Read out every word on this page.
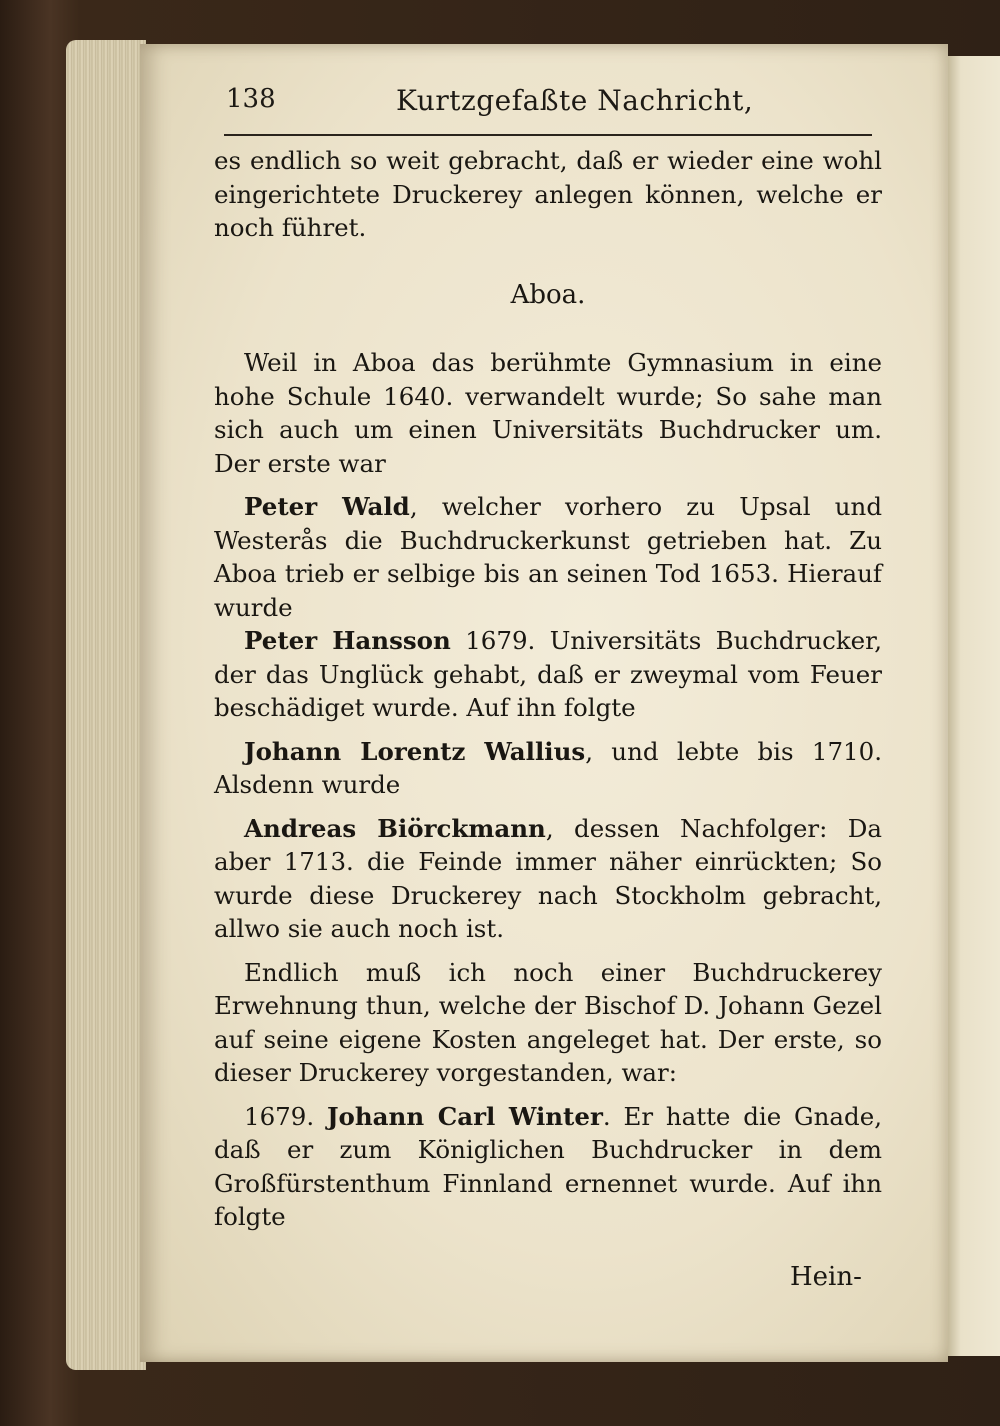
138	Kurtzgefaßte Nachricht,

es endlich so weit gebracht, daß er wieder eine wohl eingerichtete Druckerey anlegen können, welche er noch führet.

Aboa.

Weil in Aboa das berühmte Gymnasium in eine hohe Schule 1640. verwandelt wurde; So sahe man sich auch um einen Universitäts Buchdrucker um. Der erste war

Peter Wald, welcher vorhero zu Upsal und Westerås die Buchdruckerkunst getrieben hat. Zu Aboa trieb er selbige bis an seinen Tod 1653. Hierauf wurde

Peter Hansson 1679. Universitäts Buchdrucker, der das Unglück gehabt, daß er zweymal vom Feuer beschädiget wurde. Auf ihn folgte

Johann Lorentz Wallius, und lebte bis 1710. Alsdenn wurde

Andreas Biörckmann, dessen Nachfolger: Da aber 1713. die Feinde immer näher einrückten; So wurde diese Druckerey nach Stockholm gebracht, allwo sie auch noch ist.

Endlich muß ich noch einer Buchdruckerey Erwehnung thun, welche der Bischof D. Johann Gezel auf seine eigene Kosten angeleget hat. Der erste, so dieser Druckerey vorgestanden, war:

1679. Johann Carl Winter. Er hatte die Gnade, daß er zum Königlichen Buchdrucker in dem Großfürstenthum Finnland ernennet wurde. Auf ihn folgte

Hein-
